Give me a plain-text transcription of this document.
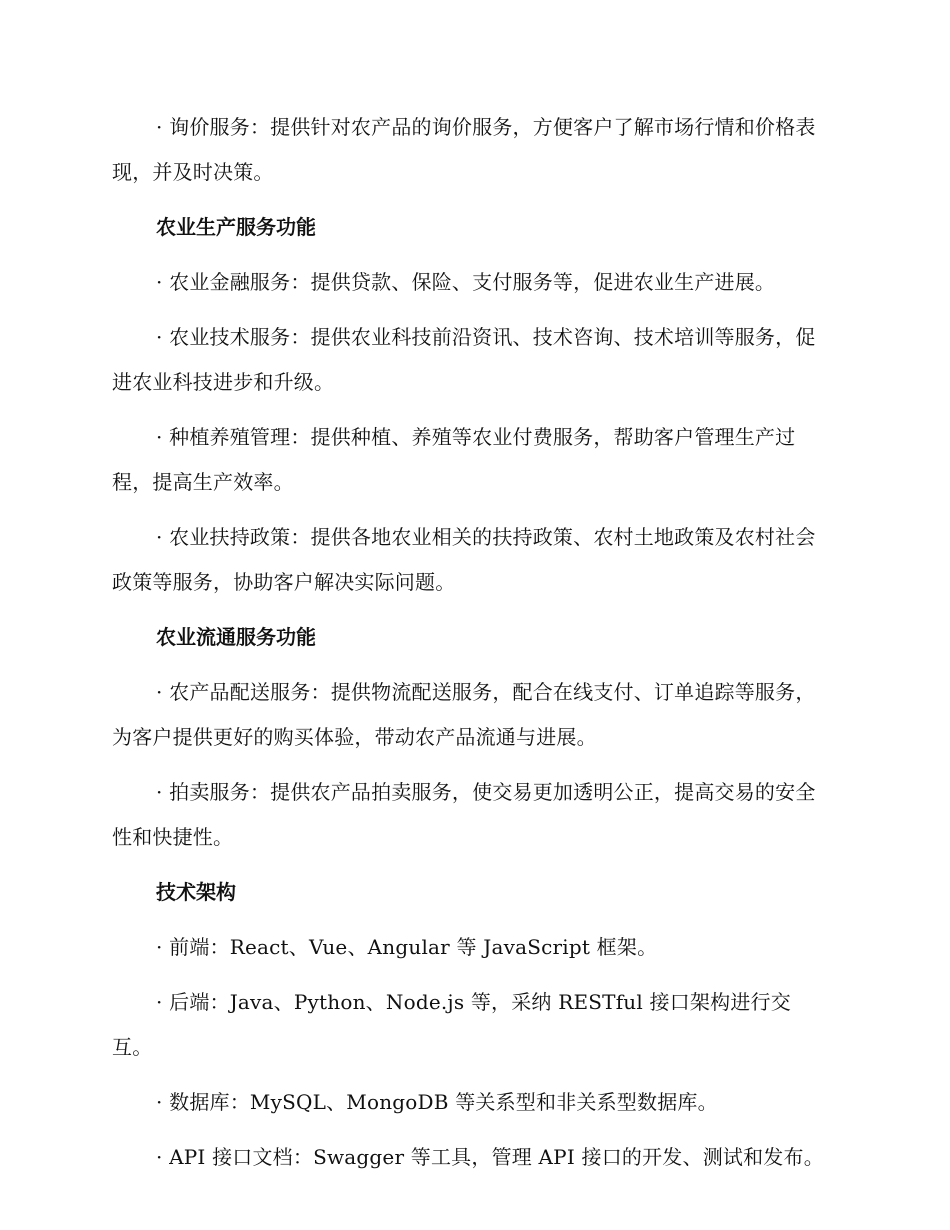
· 询价服务：提供针对农产品的询价服务，方便客户了解市场行情和价格表现，并及时决策。

农业生产服务功能

· 农业金融服务：提供贷款、保险、支付服务等，促进农业生产进展。

· 农业技术服务：提供农业科技前沿资讯、技术咨询、技术培训等服务，促进农业科技进步和升级。

· 种植养殖管理：提供种植、养殖等农业付费服务，帮助客户管理生产过程，提高生产效率。

· 农业扶持政策：提供各地农业相关的扶持政策、农村土地政策及农村社会政策等服务，协助客户解决实际问题。

农业流通服务功能

· 农产品配送服务：提供物流配送服务，配合在线支付、订单追踪等服务，为客户提供更好的购买体验，带动农产品流通与进展。

· 拍卖服务：提供农产品拍卖服务，使交易更加透明公正，提高交易的安全性和快捷性。

技术架构

· 前端：React、Vue、Angular 等 JavaScript 框架。

· 后端：Java、Python、Node.js 等，采纳 RESTful 接口架构进行交互。

· 数据库：MySQL、MongoDB 等关系型和非关系型数据库。

· API 接口文档：Swagger 等工具，管理 API 接口的开发、测试和发布。
